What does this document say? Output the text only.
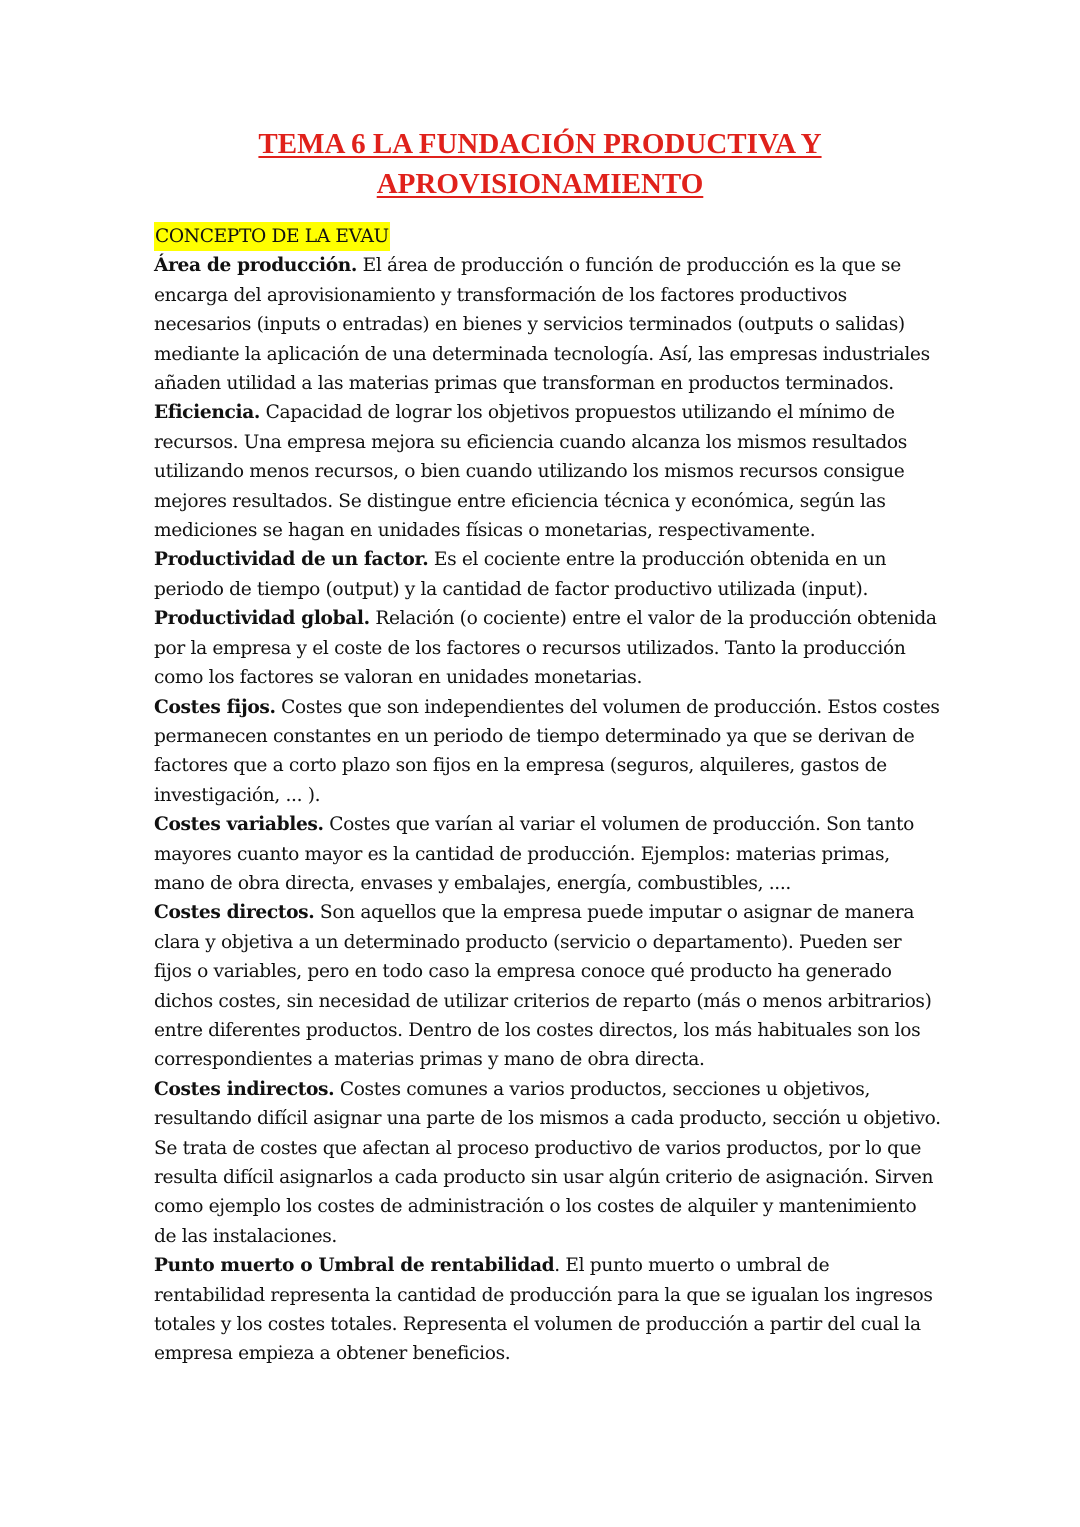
TEMA 6 LA FUNDACIÓN PRODUCTIVA Y
APROVISIONAMIENTO
CONCEPTO DE LA EVAU

Área de producción. El área de producción o función de producción es la que se encarga del aprovisionamiento y transformación de los factores productivos necesarios (inputs o entradas) en bienes y servicios terminados (outputs o salidas) mediante la aplicación de una determinada tecnología. Así, las empresas industriales añaden utilidad a las materias primas que transforman en productos terminados.

Eficiencia. Capacidad de lograr los objetivos propuestos utilizando el mínimo de recursos. Una empresa mejora su eficiencia cuando alcanza los mismos resultados utilizando menos recursos, o bien cuando utilizando los mismos recursos consigue mejores resultados. Se distingue entre eficiencia técnica y económica, según las mediciones se hagan en unidades físicas o monetarias, respectivamente.

Productividad de un factor. Es el cociente entre la producción obtenida en un periodo de tiempo (output) y la cantidad de factor productivo utilizada (input).

Productividad global. Relación (o cociente) entre el valor de la producción obtenida por la empresa y el coste de los factores o recursos utilizados. Tanto la producción como los factores se valoran en unidades monetarias.

Costes fijos. Costes que son independientes del volumen de producción. Estos costes permanecen constantes en un periodo de tiempo determinado ya que se derivan de factores que a corto plazo son fijos en la empresa (seguros, alquileres, gastos de investigación, ... ).

Costes variables. Costes que varían al variar el volumen de producción. Son tanto mayores cuanto mayor es la cantidad de producción. Ejemplos: materias primas, mano de obra directa, envases y embalajes, energía, combustibles, ....

Costes directos. Son aquellos que la empresa puede imputar o asignar de manera clara y objetiva a un determinado producto (servicio o departamento). Pueden ser fijos o variables, pero en todo caso la empresa conoce qué producto ha generado dichos costes, sin necesidad de utilizar criterios de reparto (más o menos arbitrarios) entre diferentes productos. Dentro de los costes directos, los más habituales son los correspondientes a materias primas y mano de obra directa.

Costes indirectos. Costes comunes a varios productos, secciones u objetivos, resultando difícil asignar una parte de los mismos a cada producto, sección u objetivo. Se trata de costes que afectan al proceso productivo de varios productos, por lo que resulta difícil asignarlos a cada producto sin usar algún criterio de asignación. Sirven como ejemplo los costes de administración o los costes de alquiler y mantenimiento de las instalaciones.

Punto muerto o Umbral de rentabilidad. El punto muerto o umbral de rentabilidad representa la cantidad de producción para la que se igualan los ingresos totales y los costes totales. Representa el volumen de producción a partir del cual la empresa empieza a obtener beneficios.
